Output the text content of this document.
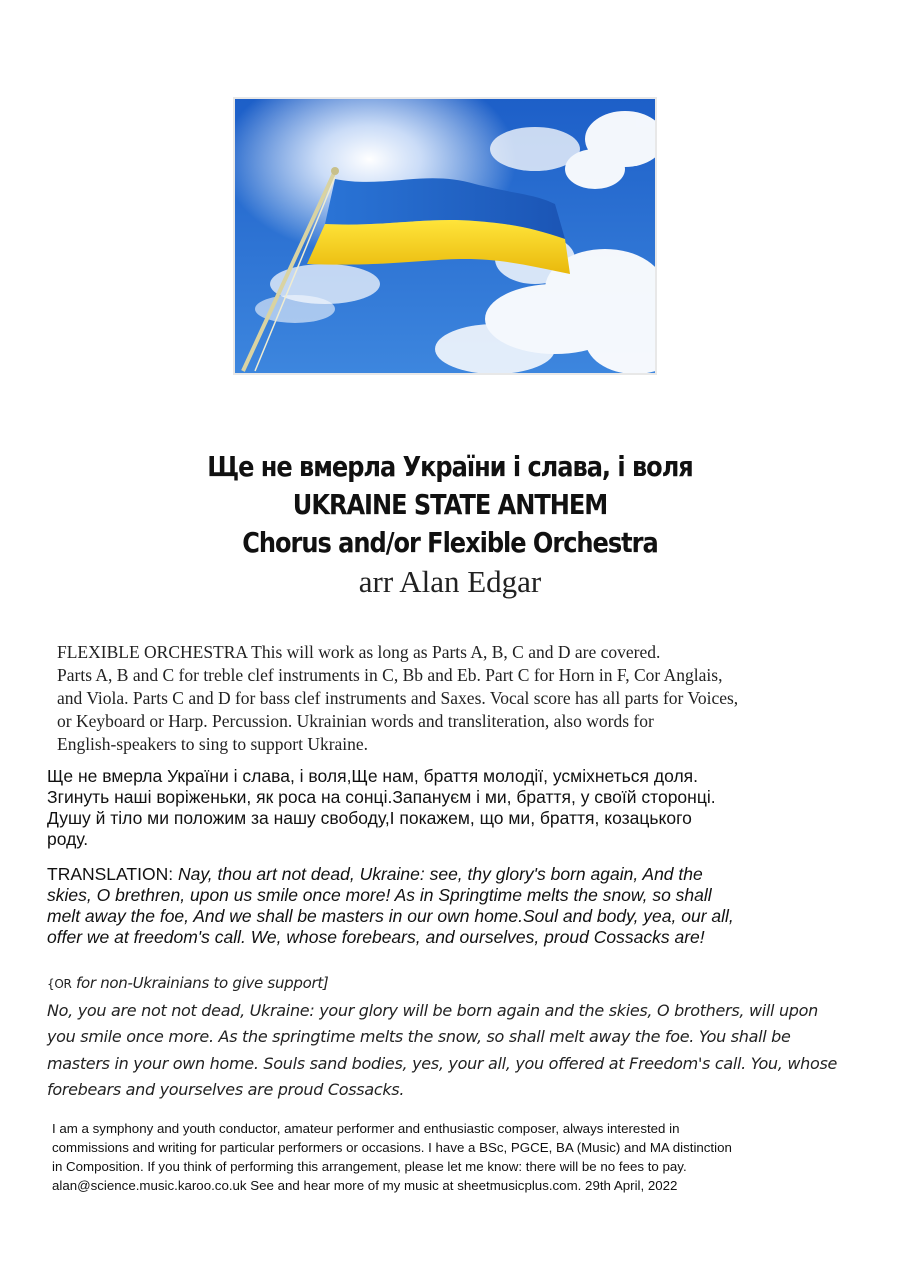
Ще не вмерла України і слава, і воля
UKRAINE STATE ANTHEM
Chorus and/or Flexible Orchestra
arr Alan Edgar
FLEXIBLE ORCHESTRA This will work as long as Parts A, B, C and D are covered.
Parts A, B and C for treble clef instruments in C, Bb and Eb. Part C for Horn in F, Cor Anglais,
and Viola. Parts C and D for bass clef instruments and Saxes. Vocal score has all parts for Voices,
or Keyboard or Harp. Percussion. Ukrainian words and transliteration, also words for
English-speakers to sing to support Ukraine.
Ще не вмерла України і слава, і воля,Ще нам, браття молодії, усміхнеться доля.
Згинуть наші воріженьки, як роса на сонці.Запануєм і ми, браття, у своїй сторонці.
Душу й тіло ми положим за нашу свободу,І покажем, що ми, браття, козацького
роду.
TRANSLATION: Nay, thou art not dead, Ukraine: see, thy glory's born again, And the
skies, O brethren, upon us smile once more! As in Springtime melts the snow, so shall
melt away the foe, And we shall be masters in our own home.Soul and body, yea, our all,
offer we at freedom's call. We, whose forebears, and ourselves, proud Cossacks are!
{OR for non-Ukrainians to give support]
No, you are not not dead, Ukraine: your glory will be born again and the skies, O brothers, will upon
you smile once more. As the springtime melts the snow, so shall melt away the foe. You shall be
masters in your own home. Souls sand bodies, yes, your all, you offered at Freedom's call. You, whose
forebears and yourselves are proud Cossacks.

I am a symphony and youth conductor, amateur performer and enthusiastic composer, always interested in

commissions and writing for particular performers or occasions. I have a BSc, PGCE, BA (Music) and MA distinction

in Composition. If you think of performing this arrangement, please let me know: there will be no fees to pay.

alan@science.music.karoo.co.uk See and hear more of my music at sheetmusicplus.com. 29th April, 2022
